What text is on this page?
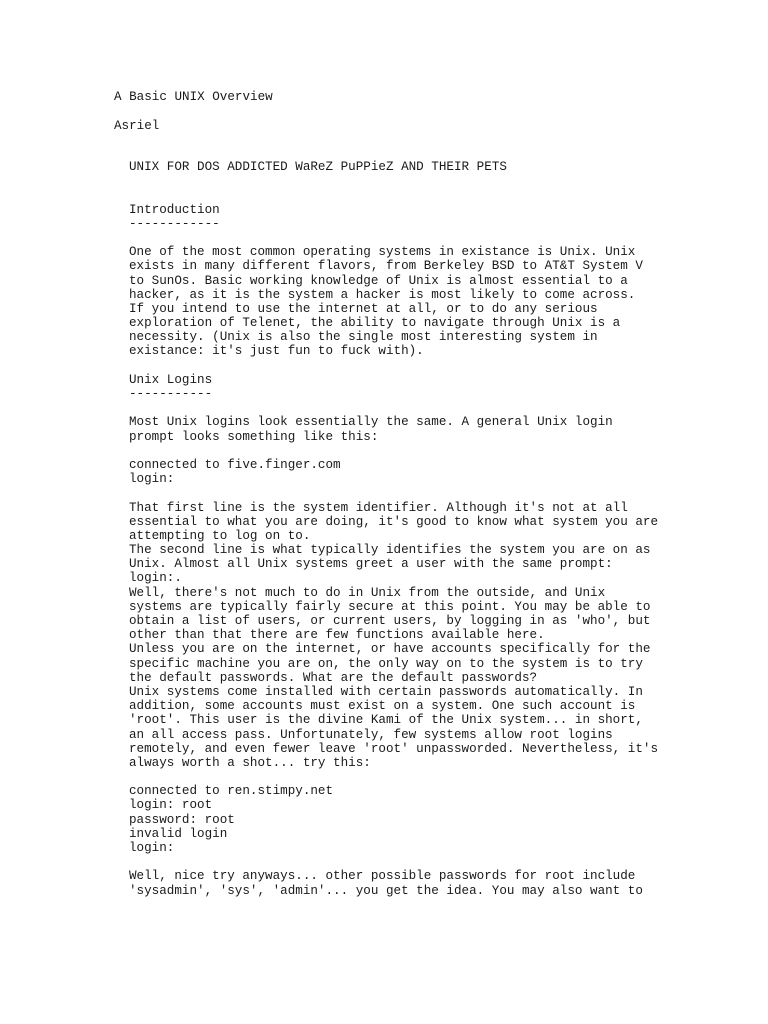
A Basic UNIX Overview
Asriel
UNIX FOR DOS ADDICTED WaReZ PuPPieZ AND THEIR PETS
Introduction
------------
One of the most common operating systems in existance is Unix. Unix
exists in many different flavors, from Berkeley BSD to AT&T System V
to SunOs. Basic working knowledge of Unix is almost essential to a
hacker, as it is the system a hacker is most likely to come across.
If you intend to use the internet at all, or to do any serious
exploration of Telenet, the ability to navigate through Unix is a
necessity. (Unix is also the single most interesting system in
existance: it's just fun to fuck with).
Unix Logins
-----------
Most Unix logins look essentially the same. A general Unix login
prompt looks something like this:
connected to five.finger.com
login:
That first line is the system identifier. Although it's not at all
essential to what you are doing, it's good to know what system you are
attempting to log on to.
The second line is what typically identifies the system you are on as
Unix. Almost all Unix systems greet a user with the same prompt:
login:.
Well, there's not much to do in Unix from the outside, and Unix
systems are typically fairly secure at this point. You may be able to
obtain a list of users, or current users, by logging in as 'who', but
other than that there are few functions available here.
Unless you are on the internet, or have accounts specifically for the
specific machine you are on, the only way on to the system is to try
the default passwords. What are the default passwords?
Unix systems come installed with certain passwords automatically. In
addition, some accounts must exist on a system. One such account is
'root'. This user is the divine Kami of the Unix system... in short,
an all access pass. Unfortunately, few systems allow root logins
remotely, and even fewer leave 'root' unpassworded. Nevertheless, it's
always worth a shot... try this:
connected to ren.stimpy.net
login: root
password: root
invalid login
login:
Well, nice try anyways... other possible passwords for root include
'sysadmin', 'sys', 'admin'... you get the idea. You may also want to
